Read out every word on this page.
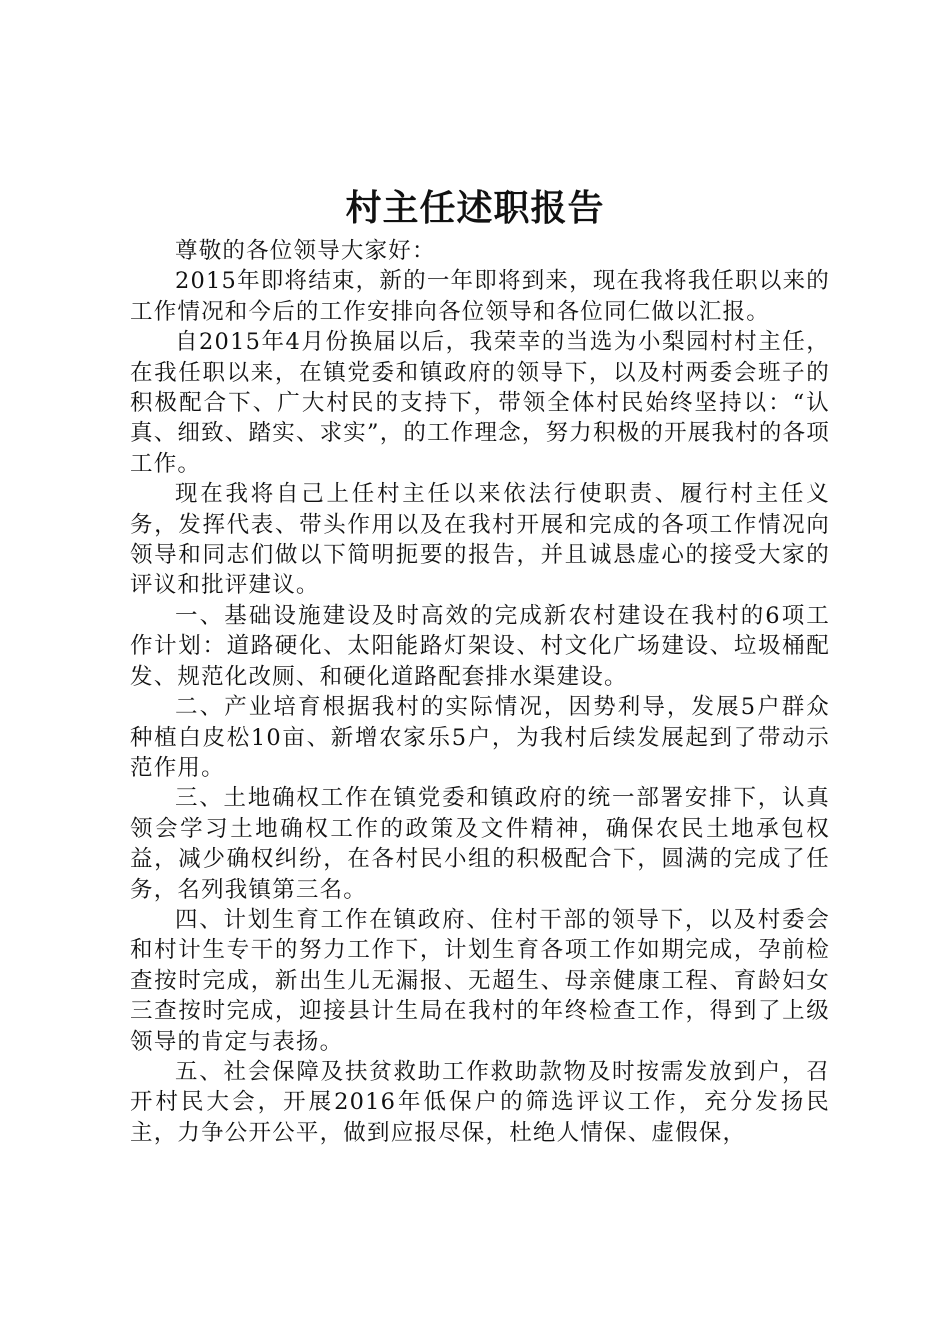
村主任述职报告

尊敬的各位领导大家好：

2015年即将结束，新的一年即将到来，现在我将我任职以来的工作情况和今后的工作安排向各位领导和各位同仁做以汇报。

自2015年4月份换届以后，我荣幸的当选为小梨园村村主任，在我任职以来，在镇党委和镇政府的领导下，以及村两委会班子的积极配合下、广大村民的支持下，带领全体村民始终坚持以：“认真、细致、踏实、求实”，的工作理念，努力积极的开展我村的各项工作。

现在我将自己上任村主任以来依法行使职责、履行村主任义务，发挥代表、带头作用以及在我村开展和完成的各项工作情况向领导和同志们做以下简明扼要的报告，并且诚恳虚心的接受大家的评议和批评建议。

一、基础设施建设及时高效的完成新农村建设在我村的6项工作计划：道路硬化、太阳能路灯架设、村文化广场建设、垃圾桶配发、规范化改厕、和硬化道路配套排水渠建设。

二、产业培育根据我村的实际情况，因势利导，发展5户群众种植白皮松10亩、新增农家乐5户，为我村后续发展起到了带动示范作用。

三、土地确权工作在镇党委和镇政府的统一部署安排下，认真领会学习土地确权工作的政策及文件精神，确保农民土地承包权益，减少确权纠纷，在各村民小组的积极配合下，圆满的完成了任务，名列我镇第三名。

四、计划生育工作在镇政府、住村干部的领导下，以及村委会和村计生专干的努力工作下，计划生育各项工作如期完成，孕前检查按时完成，新出生儿无漏报、无超生、母亲健康工程、育龄妇女三查按时完成，迎接县计生局在我村的年终检查工作，得到了上级领导的肯定与表扬。

五、社会保障及扶贫救助工作救助款物及时按需发放到户，召开村民大会，开展2016年低保户的筛选评议工作，充分发扬民主，力争公开公平，做到应报尽保，杜绝人情保、虚假保，
